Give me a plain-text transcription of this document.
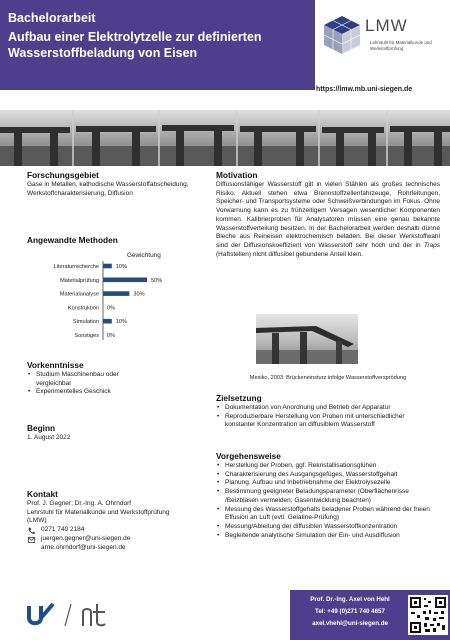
Bachelorarbeit
Aufbau einer Elektrolytzelle zur definierten Wasserstoffbeladung von Eisen
LMW
Lehrstuhl für Materialkunde und Werkstoffprüfung
https://lmw.mb.uni-siegen.de
Forschungsgebiet
Gase in Metallen, kathodische Wasserstoffabscheidung, Werkstoffcharakterisierung, Diffusion
Angewandte Methoden
Gewichtung
Literaturrecherche	10%
Materialprüfung	50%
Materialanalyse	30%
Konstruktion 0%
Simulation	10%
Sonstiges 0%
Vorkenntnisse
• Studium Maschinenbau oder vergleichbar
• Experimentelles Geschick
Beginn
1. August 2022
Kontakt
Prof. J. Gegner; Dr.-Ing. A. Ohrndorf
Lehrstuhl für Materialkunde und Werkstoffprüfung (LMW)
0271 740 2184
juergen.gegner@uni-siegen.de
arne.ohrndorf@uni-siegen.de
Motivation
Diffusionsfähiger Wasserstoff gilt in vielen Stählen als großes technisches Risiko. Aktuell stehen etwa Brennstoffzellenfahrzeuge, Rohrleitungen, Speicher- und Transportsysteme oder Schweißverbindungen im Fokus. Ohne Vorwarnung kann es zu frühzeitigem Versagen wesentlicher Komponenten kommen. Kalibrierproben für Analysatoren müssen eine genau bekannte Wasserstoffverteilung besitzen. In der Bachelorarbeit werden deshalb dünne Bleche aus Reineisen elektrochemisch beladen. Bei dieser Werkstoffwahl sind der Diffusionskoeffizient von Wasserstoff sehr hoch und der in Traps (Haftstellen) nicht diffusibel gebundene Anteil klein.
Mexiko, 2003: Brückeneinsturz infolge Wasserstoffversprödung
Zielsetzung
• Dokumentation von Anordnung und Betrieb der Apparatur
• Reproduzierbare Herstellung von Proben mit unterschiedlicher konstanter Konzentration an diffusiblem Wasserstoff
Vorgehensweise
• Herstellung der Proben, ggf. Rekristallisationsglühen
• Charakterisierung des Ausgangsgefüges, Wasserstoffgehalt
• Planung, Aufbau und Inbetriebnahme der Elektrolysezelle
• Bestimmung geeigneter Beladungsparameter (Oberflächenrisse /Beizblasen vermeiden, Gasentwicklung beachten)
• Messung des Wasserstoffgehalts beladener Proben während der freien Effusion an Luft (evtl. Gelatine-Prüfung)
• Messung/Ableitung der diffusiblen Wasserstoffkonzentration
• Begleitende analytische Simulation der Ein- und Ausdiffusion
Prof. Dr.-Ing. Axel von Hehl
Tel: +49 (0)271 740 4657
axel.vhehl@uni-siegen.de
